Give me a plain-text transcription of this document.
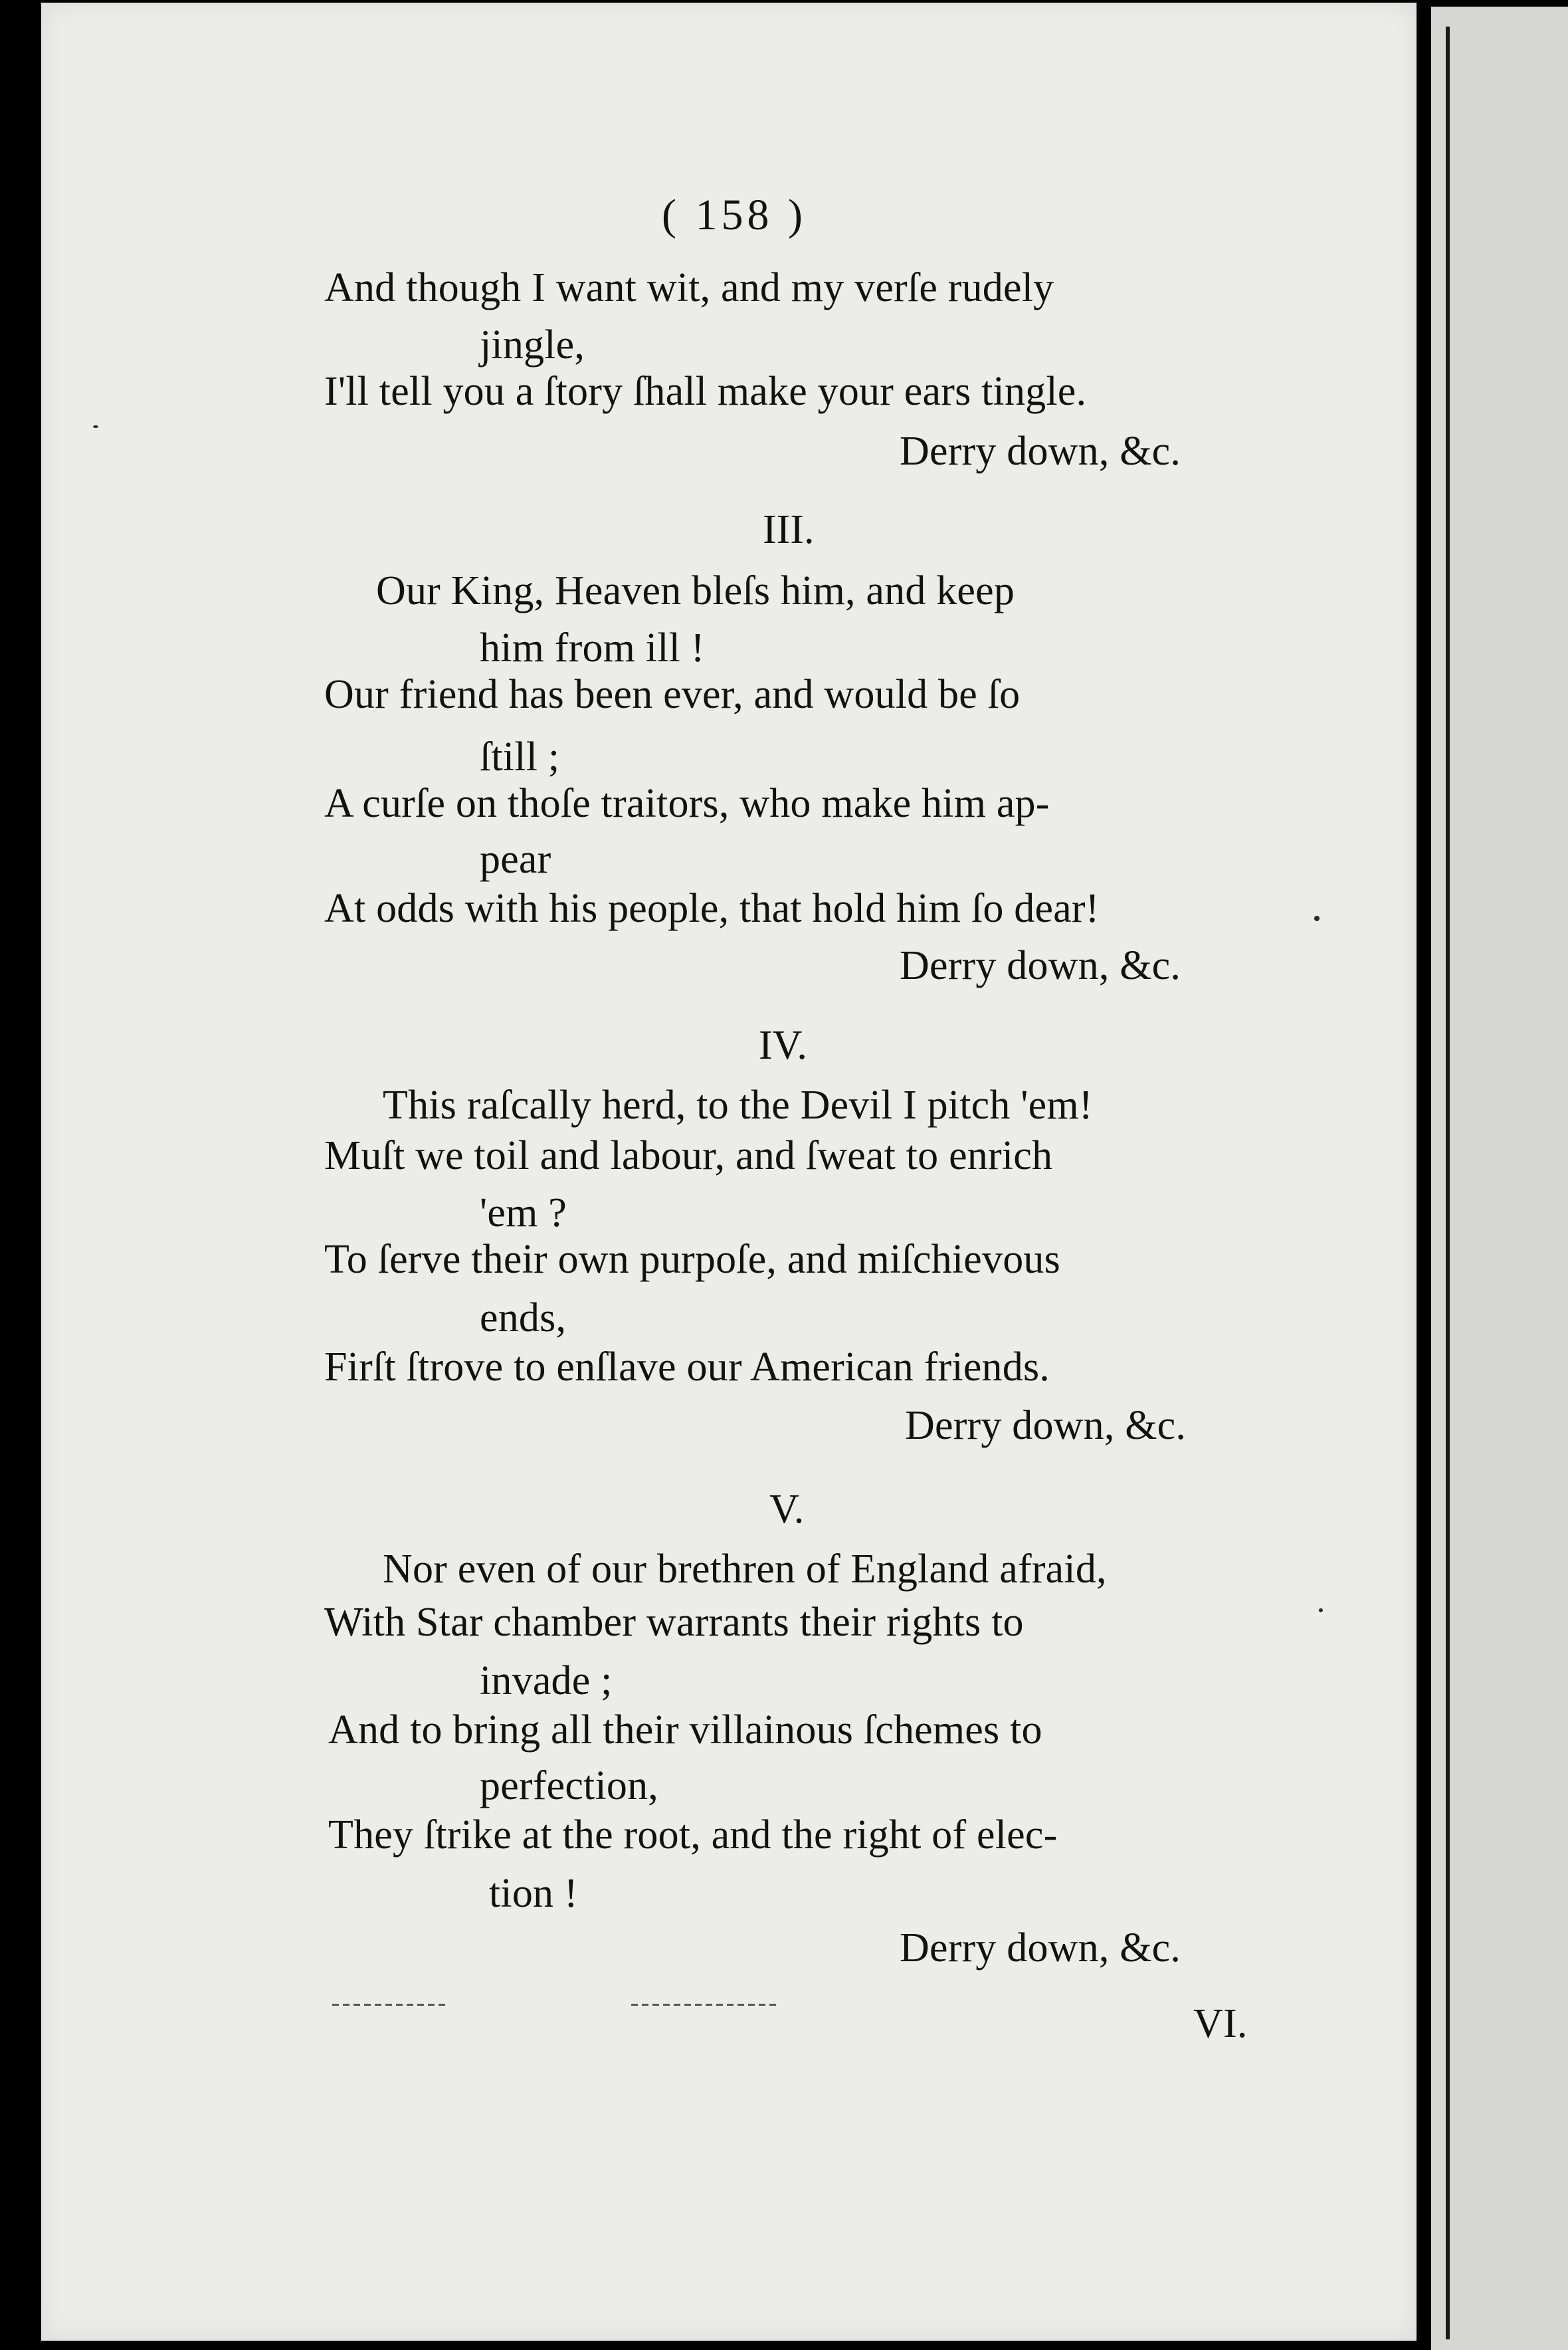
( 158 )
And though I want wit, and my verſe rudely
jingle,
I'll tell you a ſtory ſhall make your ears tingle.
Derry down, &c.
III.
Our King, Heaven bleſs him, and keep
him from ill !
Our friend has been ever, and would be ſo
ſtill ;
A curſe on thoſe traitors, who make him ap-
pear
At odds with his people, that hold him ſo dear!
Derry down, &c.
IV.
This raſcally herd, to the Devil I pitch 'em!
Muſt we toil and labour, and ſweat to enrich
'em ?
To ſerve their own purpoſe, and miſchievous
ends,
Firſt ſtrove to enſlave our American friends.
Derry down, &c.
V.
Nor even of our brethren of England afraid,
With Star chamber warrants their rights to
invade ;
And to bring all their villainous ſchemes to
perfection,
They ſtrike at the root, and the right of elec-
tion !
Derry down, &c.
VI.
